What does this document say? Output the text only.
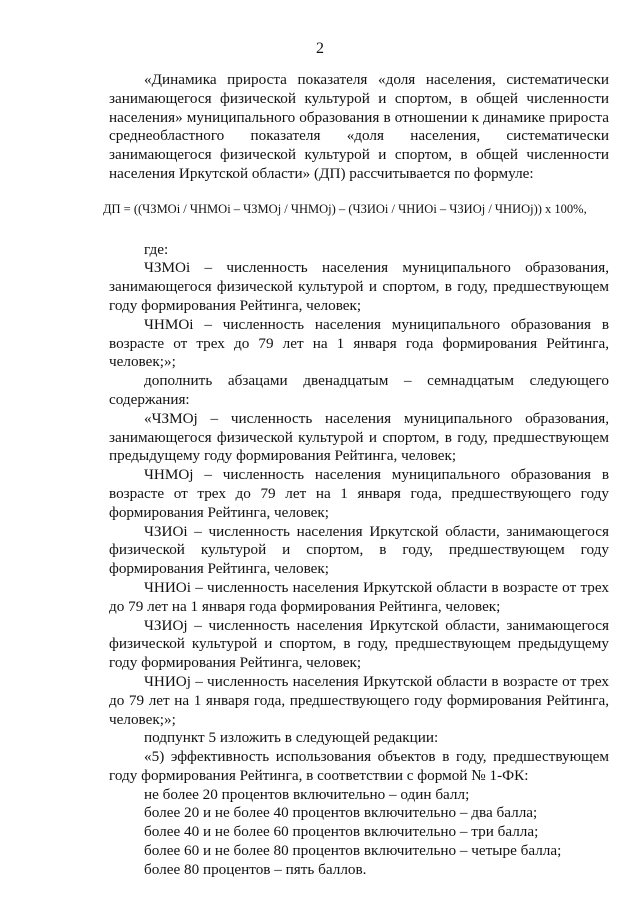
2

«Динамика прироста показателя «доля населения, систематически занимающегося физической культурой и спортом, в общей численности населения» муниципального образования в отношении к динамике прироста среднеобластного показателя «доля населения, систематически занимающегося физической культурой и спортом, в общей численности населения Иркутской области» (ДП) рассчитывается по формуле:

ДП = ((ЧЗМОi / ЧНМОi – ЧЗМОj / ЧНМОj) – (ЧЗИОi / ЧНИОi – ЧЗИОj / ЧНИОj)) x 100%,

где:

ЧЗМОi – численность населения муниципального образования, занимающегося физической культурой и спортом, в году, предшествующем году формирования Рейтинга, человек;

ЧНМОi – численность населения муниципального образования в возрасте от трех до 79 лет на 1 января года формирования Рейтинга, человек;»;

дополнить абзацами двенадцатым – семнадцатым следующего содержания:

«ЧЗМОj – численность населения муниципального образования, занимающегося физической культурой и спортом, в году, предшествующем предыдущему году формирования Рейтинга, человек;

ЧНМОj – численность населения муниципального образования в возрасте от трех до 79 лет на 1 января года, предшествующего году формирования Рейтинга, человек;

ЧЗИОi – численность населения Иркутской области, занимающегося физической культурой и спортом, в году, предшествующем году формирования Рейтинга, человек;

ЧНИОi – численность населения Иркутской области в возрасте от трех до 79 лет на 1 января года формирования Рейтинга, человек;

ЧЗИОj – численность населения Иркутской области, занимающегося физической культурой и спортом, в году, предшествующем предыдущему году формирования Рейтинга, человек;

ЧНИОj – численность населения Иркутской области в возрасте от трех до 79 лет на 1 января года, предшествующего году формирования Рейтинга, человек;»;

подпункт 5 изложить в следующей редакции:

«5) эффективность использования объектов в году, предшествующем году формирования Рейтинга, в соответствии с формой № 1-ФК:

не более 20 процентов включительно – один балл;

более 20 и не более 40 процентов включительно – два балла;

более 40 и не более 60 процентов включительно – три балла;

более 60 и не более 80 процентов включительно – четыре балла;

более 80 процентов – пять баллов.
